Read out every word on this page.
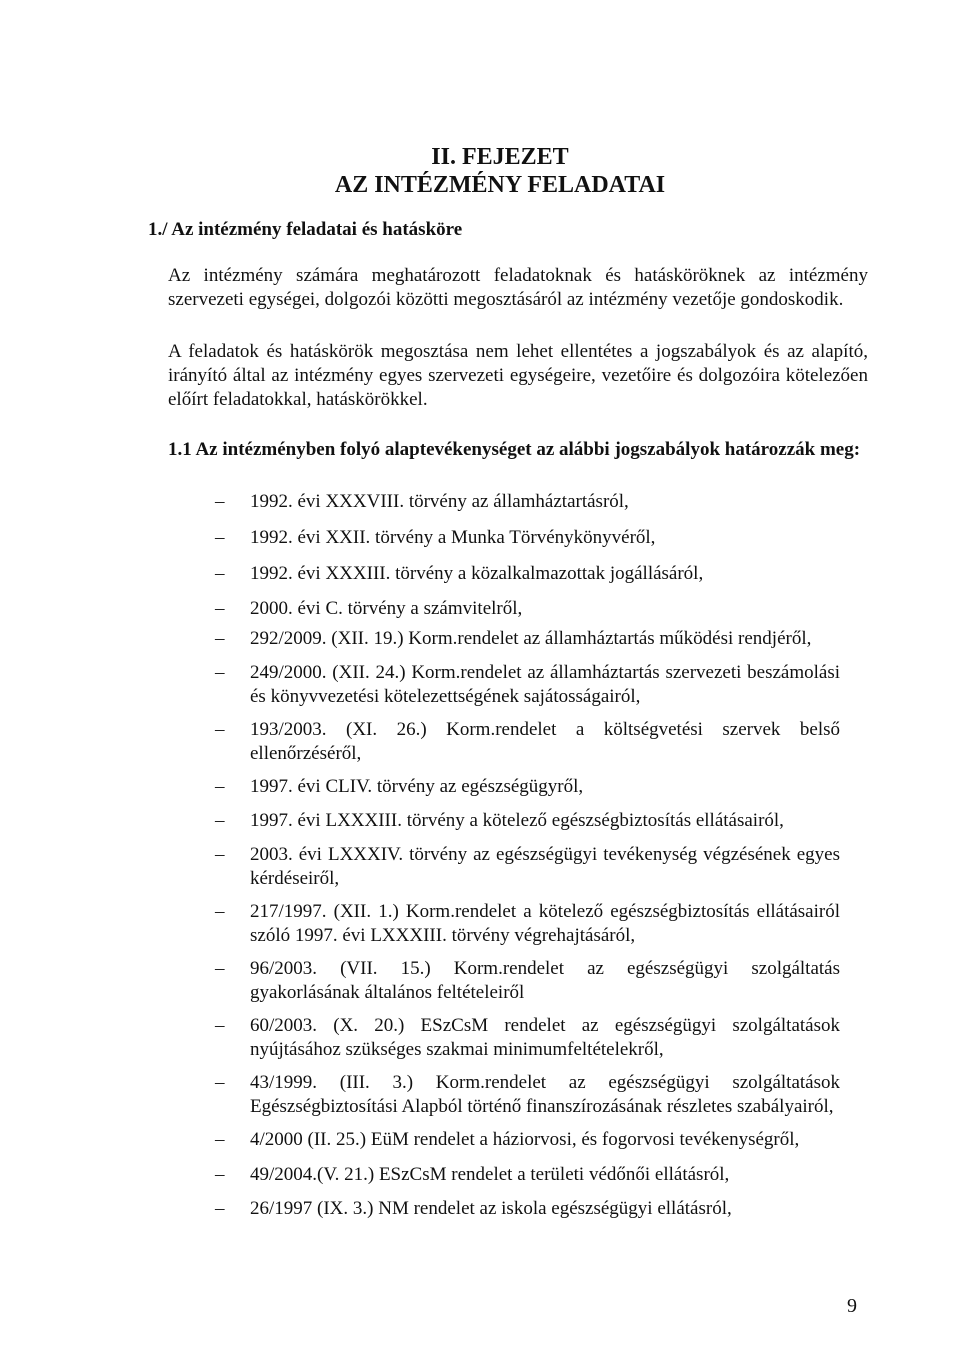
II. FEJEZET
AZ INTÉZMÉNY FELADATAI
1./ Az intézmény feladatai és hatásköre

Az intézmény számára meghatározott feladatoknak és hatásköröknek az intézmény szervezeti egységei, dolgozói közötti megosztásáról az intézmény vezetője gondoskodik.

A feladatok és hatáskörök megosztása nem lehet ellentétes a jogszabályok és az alapító, irányító által az intézmény egyes szervezeti egységeire, vezetőire és dolgozóira kötelezően előírt feladatokkal, hatáskörökkel.

1.1 Az intézményben folyó alaptevékenységet az alábbi jogszabályok határozzák meg:

– 1992. évi XXXVIII. törvény az államháztartásról,
– 1992. évi XXII. törvény a Munka Törvénykönyvéről,
– 1992. évi XXXIII. törvény a közalkalmazottak jogállásáról,
– 2000. évi C. törvény a számvitelről,
– 292/2009. (XII. 19.) Korm.rendelet az államháztartás működési rendjéről,
– 249/2000. (XII. 24.) Korm.rendelet az államháztartás szervezeti beszámolási és könyvvezetési kötelezettségének sajátosságairól,
– 193/2003. (XI. 26.) Korm.rendelet a költségvetési szervek belső ellenőrzéséről,
– 1997. évi CLIV. törvény az egészségügyről,
– 1997. évi LXXXIII. törvény a kötelező egészségbiztosítás ellátásairól,
– 2003. évi LXXXIV. törvény az egészségügyi tevékenység végzésének egyes kérdéseiről,
– 217/1997. (XII. 1.) Korm.rendelet a kötelező egészségbiztosítás ellátásairól szóló 1997. évi LXXXIII. törvény végrehajtásáról,
– 96/2003. (VII. 15.) Korm.rendelet az egészségügyi szolgáltatás gyakorlásának általános feltételeiről
– 60/2003. (X. 20.) ESzCsM rendelet az egészségügyi szolgáltatások nyújtásához szükséges szakmai minimumfeltételekről,
– 43/1999. (III. 3.) Korm.rendelet az egészségügyi szolgáltatások Egészségbiztosítási Alapból történő finanszírozásának részletes szabályairól,
– 4/2000 (II. 25.) EüM rendelet a háziorvosi, és fogorvosi tevékenységről,
– 49/2004.(V. 21.) ESzCsM rendelet a területi védőnői ellátásról,
– 26/1997 (IX. 3.) NM rendelet az iskola egészségügyi ellátásról,
9
